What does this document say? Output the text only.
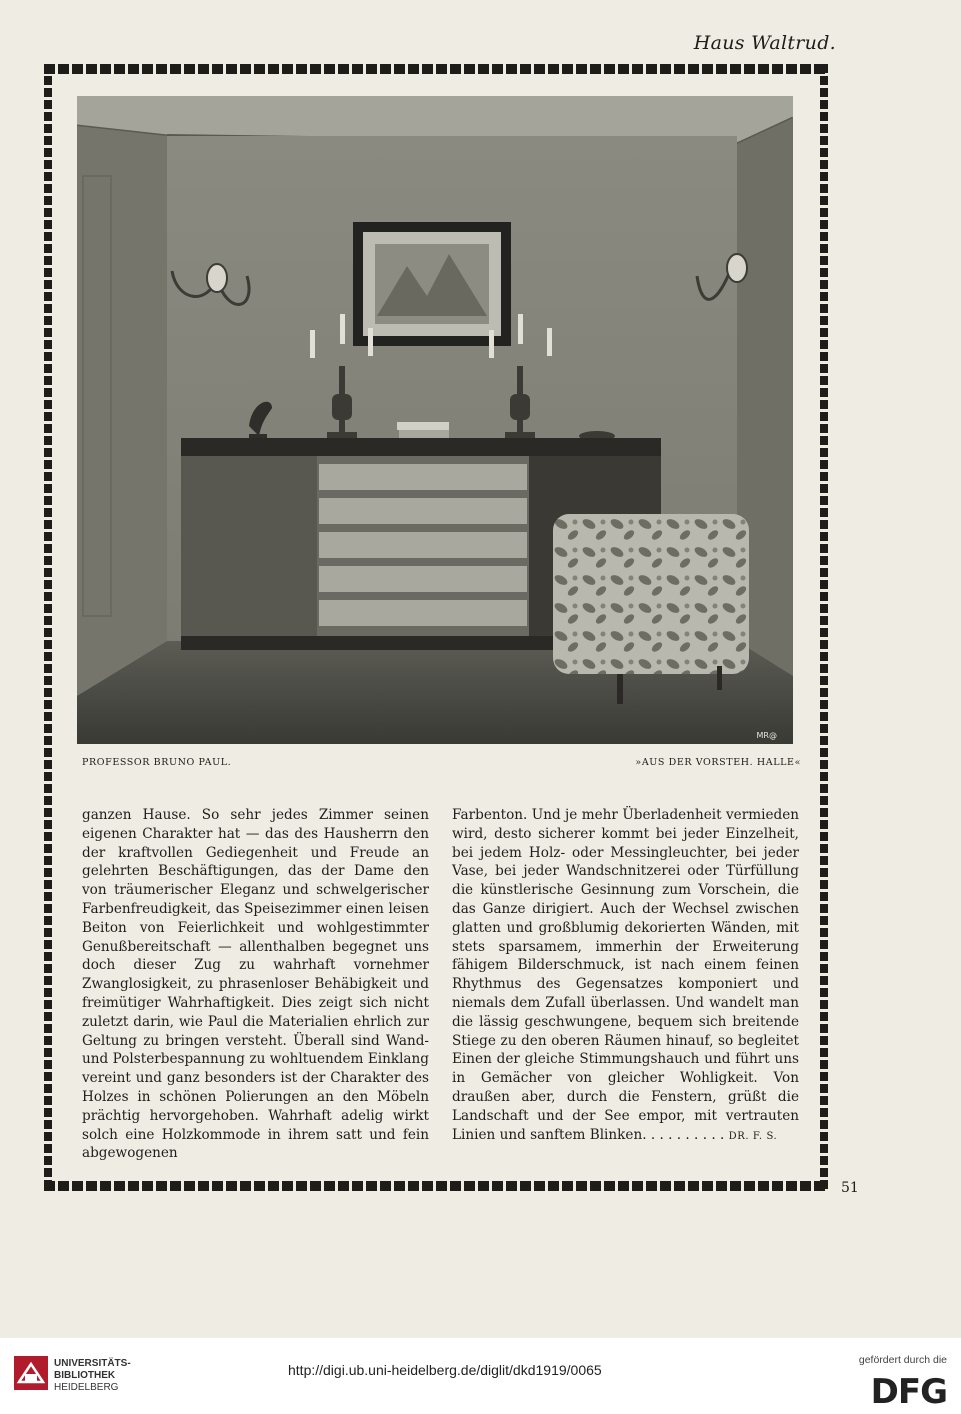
Haus Waltrud.
51
MR@
PROFESSOR BRUNO PAUL.	»AUS DER VORSTEH. HALLE«

ganzen Hause. So sehr jedes Zimmer seinen eigenen Charakter hat — das des Hausherrn den der kraftvollen Gediegenheit und Freude an gelehrten Beschäftigungen, das der Dame den von träumerischer Eleganz und schwelgerischer Farbenfreudigkeit, das Speisezimmer einen leisen Beiton von Feierlichkeit und wohlgestimmter Genußbereitschaft — allenthalben begegnet uns doch dieser Zug zu wahrhaft vornehmer Zwanglosigkeit, zu phrasenloser Behäbigkeit und freimütiger Wahrhaftigkeit. Dies zeigt sich nicht zuletzt darin, wie Paul die Materialien ehrlich zur Geltung zu bringen versteht. Überall sind Wand- und Polsterbespannung zu wohltuendem Einklang vereint und ganz besonders ist der Charakter des Holzes in schönen Polierungen an den Möbeln prächtig hervorgehoben. Wahrhaft adelig wirkt solch eine Holzkommode in ihrem satt und fein abgewogenen

Farbenton. Und je mehr Überladenheit vermieden wird, desto sicherer kommt bei jeder Einzelheit, bei jedem Holz- oder Messingleuchter, bei jeder Vase, bei jeder Wandschnitzerei oder Türfüllung die künstlerische Gesinnung zum Vorschein, die das Ganze dirigiert. Auch der Wechsel zwischen glatten und großblumig dekorierten Wänden, mit stets sparsamem, immerhin der Erweiterung fähigem Bilderschmuck, ist nach einem feinen Rhythmus des Gegensatzes komponiert und niemals dem Zufall überlassen. Und wandelt man die lässig geschwungene, bequem sich breitende Stiege zu den oberen Räumen hinauf, so begleitet Einen der gleiche Stimmungshauch und führt uns in Gemächer von gleicher Wohligkeit. Von draußen aber, durch die Fenstern, grüßt die Landschaft und der See empor, mit vertrauten Linien und sanftem Blinken. . . . . . . . . . DR. F. S.

UNIVERSITÄTS-
BIBLIOTHEK
HEIDELBERG
http://digi.ub.uni-heidelberg.de/diglit/dkd1919/0065
gefördert durch die
DFG
